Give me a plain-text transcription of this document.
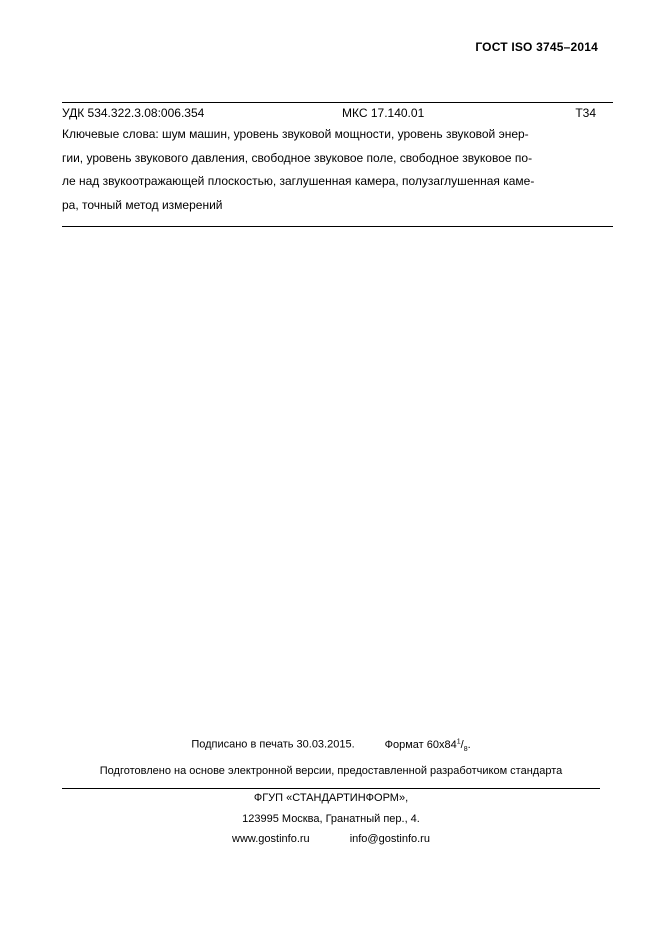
ГОСТ ISO 3745–2014
УДК 534.322.3.08:006.354	МКС 17.140.01	Т34
Ключевые слова: шум машин, уровень звуковой мощности, уровень звуковой энер-
гии, уровень звукового давления, свободное звуковое поле, свободное звуковое по-
ле над звукоотражающей плоскостью, заглушенная камера, полузаглушенная каме-
ра, точный метод измерений
Подписано в печать 30.03.2015.	Формат $60х84^1/_8$.
Подготовлено на основе электронной версии, предоставленной разработчиком стандарта
ФГУП «СТАНДАРТИНФОРМ»,
123995 Москва, Гранатный пер., 4.
www.gostinfo.ru	info@gostinfo.ru
